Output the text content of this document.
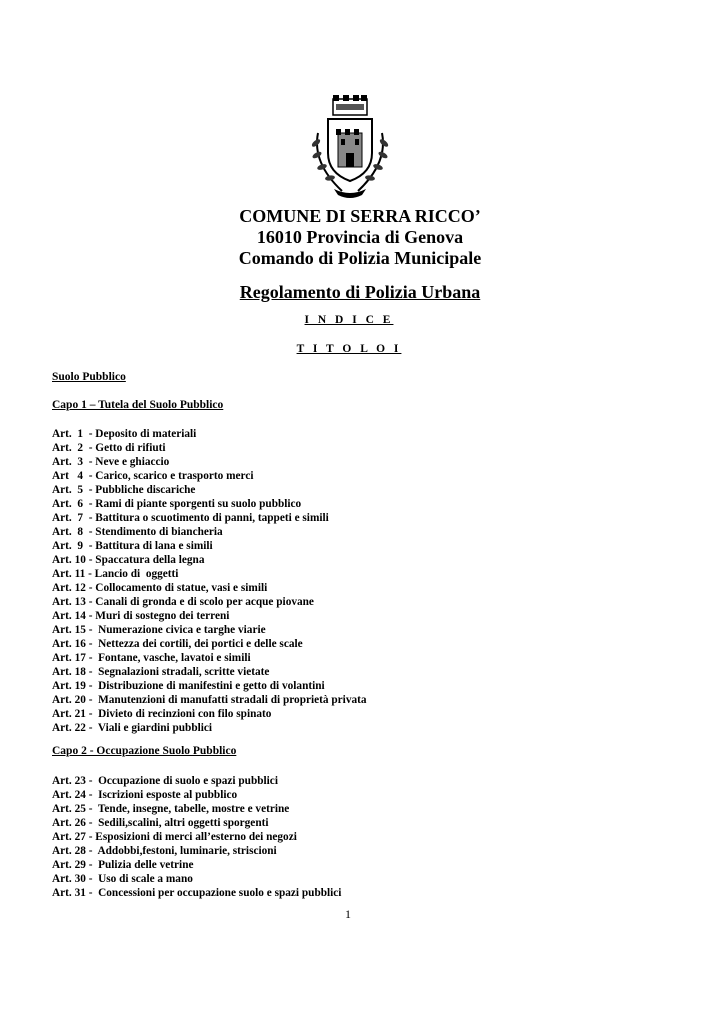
COMUNE DI SERRA RICCO’
16010 Provincia di Genova
Comando di Polizia Municipale
Regolamento di Polizia Urbana
I N D I C E
T I T O L O I
Suolo Pubblico
Capo 1 – Tutela del Suolo Pubblico
Art.  1  - Deposito di materiali
Art.  2  - Getto di rifiuti
Art.  3  - Neve e ghiaccio
Art   4  - Carico, scarico e trasporto merci
Art.  5  - Pubbliche discariche
Art.  6  - Rami di piante sporgenti su suolo pubblico
Art.  7  - Battitura o scuotimento di panni, tappeti e simili
Art.  8  - Stendimento di biancheria
Art.  9  - Battitura di lana e simili
Art. 10 - Spaccatura della legna
Art. 11 - Lancio di  oggetti
Art. 12 - Collocamento di statue, vasi e simili
Art. 13 - Canali di gronda e di scolo per acque piovane
Art. 14 - Muri di sostegno dei terreni
Art. 15 -  Numerazione civica e targhe viarie
Art. 16 -  Nettezza dei cortili, dei portici e delle scale
Art. 17 -  Fontane, vasche, lavatoi e simili
Art. 18 -  Segnalazioni stradali, scritte vietate
Art. 19 -  Distribuzione di manifestini e getto di volantini
Art. 20 -  Manutenzioni di manufatti stradali di proprietà privata
Art. 21 -  Divieto di recinzioni con filo spinato
Art. 22 -  Viali e giardini pubblici
Capo 2 - Occupazione Suolo Pubblico
Art. 23 -  Occupazione di suolo e spazi pubblici
Art. 24 -  Iscrizioni esposte al pubblico
Art. 25 -  Tende, insegne, tabelle, mostre e vetrine
Art. 26 -  Sedili,scalini, altri oggetti sporgenti
Art. 27 - Esposizioni di merci all’esterno dei negozi
Art. 28 -  Addobbi,festoni, luminarie, striscioni
Art. 29 -  Pulizia delle vetrine
Art. 30 -  Uso di scale a mano
Art. 31 -  Concessioni per occupazione suolo e spazi pubblici
1
